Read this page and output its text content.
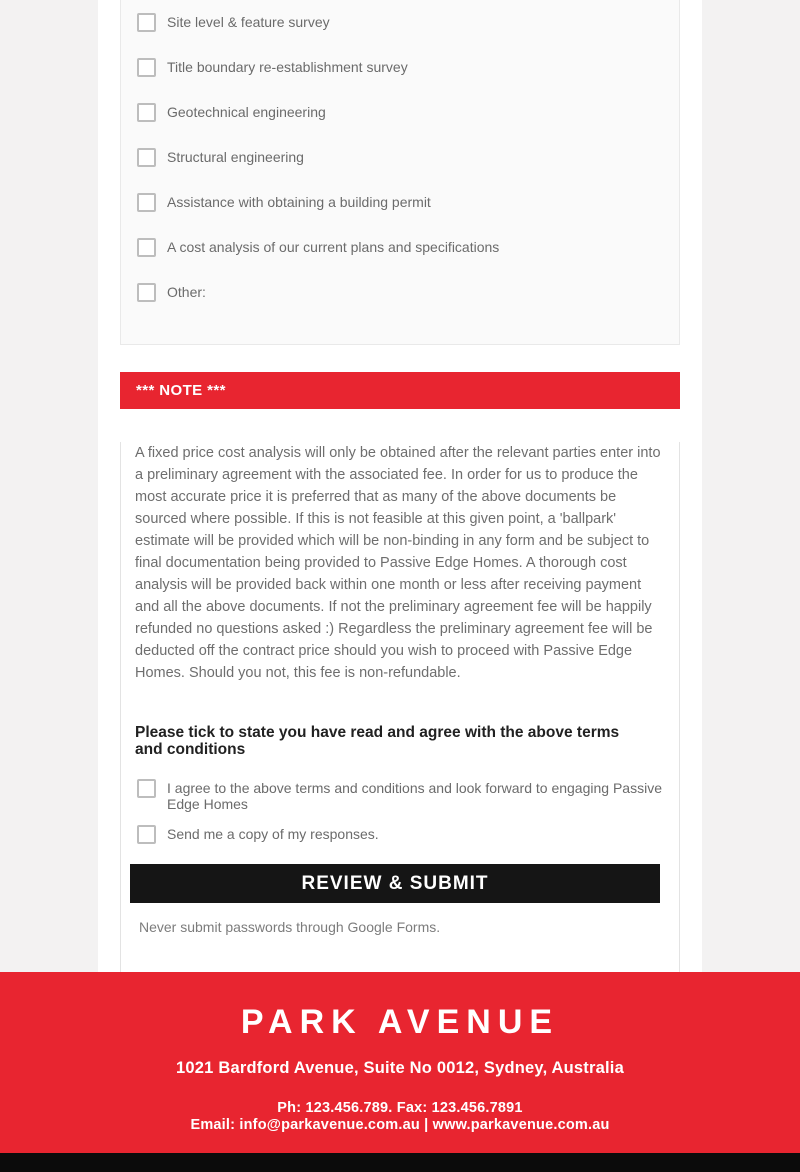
Site level & feature survey
Title boundary re-establishment survey
Geotechnical engineering
Structural engineering
Assistance with obtaining a building permit
A cost analysis of our current plans and specifications
Other:
*** NOTE ***

A fixed price cost analysis will only be obtained after the relevant parties enter into a preliminary agreement with the associated fee. In order for us to produce the most accurate price it is preferred that as many of the above documents be sourced where possible. If this is not feasible at this given point, a 'ballpark' estimate will be provided which will be non-binding in any form and be subject to final documentation being provided to Passive Edge Homes. A thorough cost analysis will be provided back within one month or less after receiving payment and all the above documents. If not the preliminary agreement fee will be happily refunded no questions asked :) Regardless the preliminary agreement fee will be deducted off the contract price should you wish to proceed with Passive Edge Homes. Should you not, this fee is non-refundable.

Please tick to state you have read and agree with the above terms and conditions
I agree to the above terms and conditions and look forward to engaging Passive Edge Homes
Send me a copy of my responses.
REVIEW & SUBMIT
Never submit passwords through Google Forms.
PARK AVENUE
1021 Bardford Avenue, Suite No 0012, Sydney, Australia
Ph: 123.456.789. Fax: 123.456.7891
Email: info@parkavenue.com.au | www.parkavenue.com.au
